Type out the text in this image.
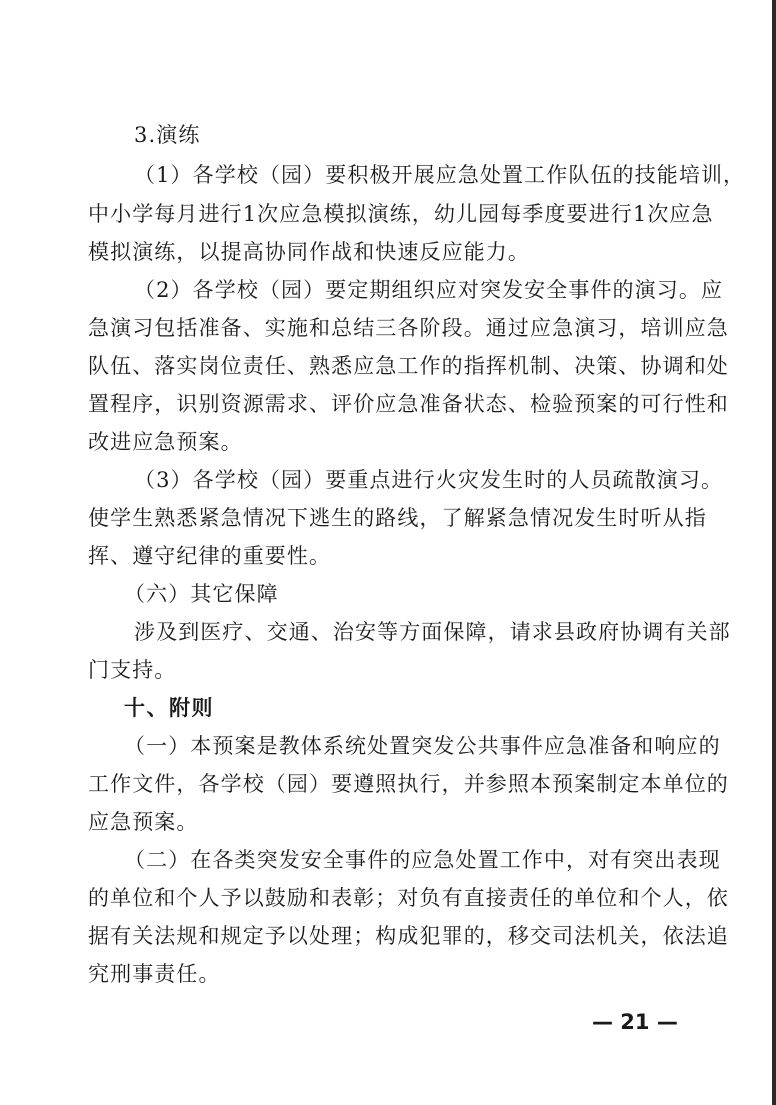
3.演练
（1）各学校（园）要积极开展应急处置工作队伍的技能培训，
中小学每月进行1次应急模拟演练，幼儿园每季度要进行1次应急
模拟演练，以提高协同作战和快速反应能力。
（2）各学校（园）要定期组织应对突发安全事件的演习。应
急演习包括准备、实施和总结三各阶段。通过应急演习，培训应急
队伍、落实岗位责任、熟悉应急工作的指挥机制、决策、协调和处
置程序，识别资源需求、评价应急准备状态、检验预案的可行性和
改进应急预案。
（3）各学校（园）要重点进行火灾发生时的人员疏散演习。
使学生熟悉紧急情况下逃生的路线，了解紧急情况发生时听从指
挥、遵守纪律的重要性。
（六）其它保障
涉及到医疗、交通、治安等方面保障，请求县政府协调有关部
门支持。
十、附则
（一）本预案是教体系统处置突发公共事件应急准备和响应的
工作文件，各学校（园）要遵照执行，并参照本预案制定本单位的
应急预案。
（二）在各类突发安全事件的应急处置工作中，对有突出表现
的单位和个人予以鼓励和表彰；对负有直接责任的单位和个人，依
据有关法规和规定予以处理；构成犯罪的，移交司法机关，依法追
究刑事责任。
— 21 —
